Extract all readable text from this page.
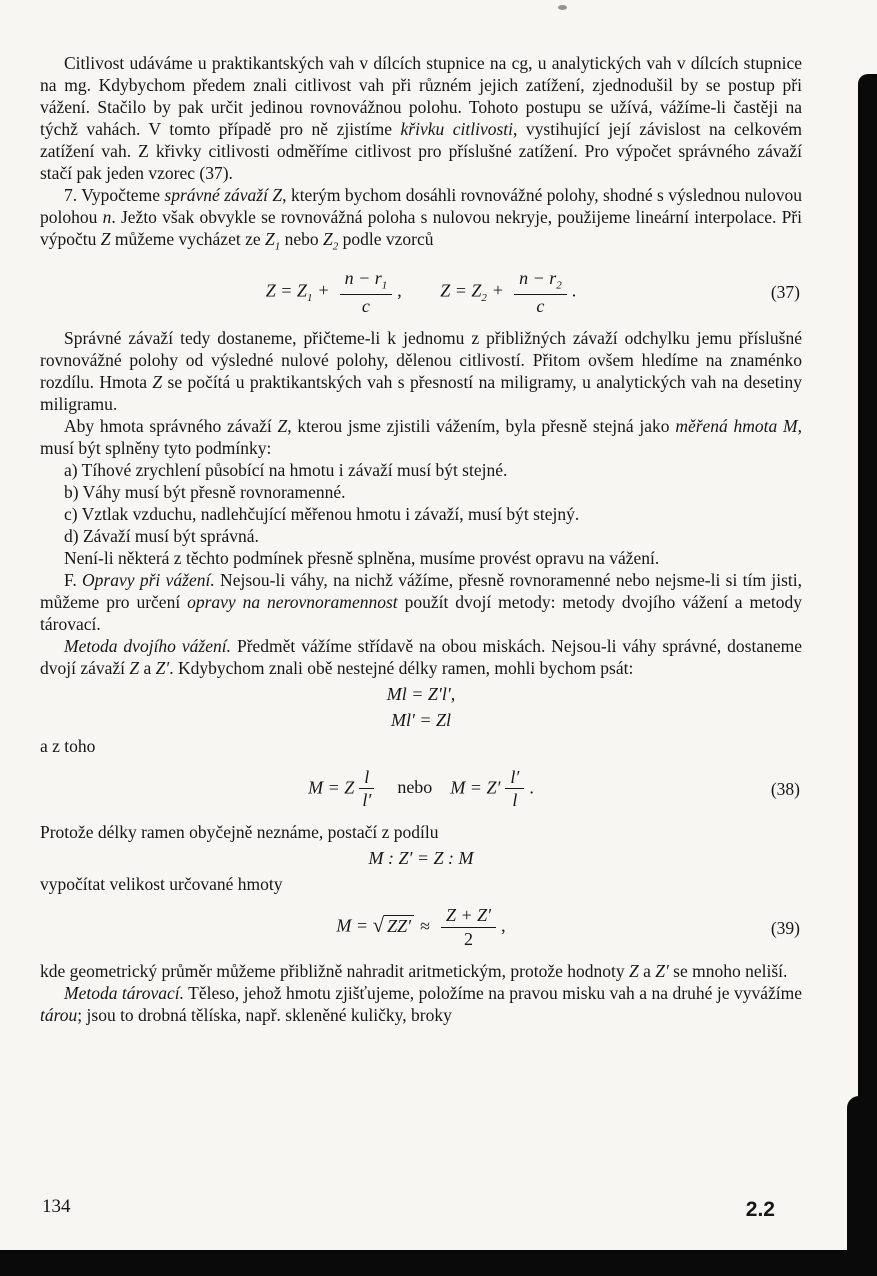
Citlivost udáváme u praktikantských vah v dílcích stupnice na cg, u analytických vah v dílcích stupnice na mg. Kdybychom předem znali citlivost vah při různém jejich zatížení, zjednodušil by se postup při vážení. Stačilo by pak určit jedinou rovnovážnou polohu. Tohoto postupu se užívá, vážíme-li častěji na týchž vahách. V tomto případě pro ně zjistíme křivku citlivosti, vystihující její závislost na celkovém zatížení vah. Z křivky citlivosti odměříme citlivost pro příslušné zatížení. Pro výpočet správného závaží stačí pak jeden vzorec (37).

7. Vypočteme správné závaží Z, kterým bychom dosáhli rovnovážné polohy, shodné s výslednou nulovou polohou n. Ježto však obvykle se rovnovážná poloha s nulovou nekryje, použijeme lineární interpolace. Při výpočtu Z můžeme vycházet ze $Z_1$ nebo $Z_2$ podle vzorců

$Z = Z_1 + \frac{n - r_1}{c}$ , $Z = Z_2 + \frac{n - r_2}{c}$ .	(37)

Správné závaží tedy dostaneme, přičteme-li k jednomu z přibližných závaží odchylku jemu příslušné rovnovážné polohy od výsledné nulové polohy, dělenou citlivostí. Přitom ovšem hledíme na znaménko rozdílu. Hmota Z se počítá u praktikantských vah s přesností na miligramy, u analytických vah na desetiny miligramu.

Aby hmota správného závaží Z, kterou jsme zjistili vážením, byla přesně stejná jako měřená hmota M, musí být splněny tyto podmínky:

a) Tíhové zrychlení působící na hmotu i závaží musí být stejné.

b) Váhy musí být přesně rovnoramenné.

c) Vztlak vzduchu, nadlehčující měřenou hmotu i závaží, musí být stejný.

d) Závaží musí být správná.

Není-li některá z těchto podmínek přesně splněna, musíme provést opravu na vážení.

F. Opravy při vážení. Nejsou-li váhy, na nichž vážíme, přesně rovnoramenné nebo nejsme-li si tím jisti, můžeme pro určení opravy na nerovnoramennost použít dvojí metody: metody dvojího vážení a metody tárovací.

Metoda dvojího vážení. Předmět vážíme střídavě na obou miskách. Nejsou-li váhy správné, dostaneme dvojí závaží Z a Z′. Kdybychom znali obě nestejné délky ramen, mohli bychom psát:

Ml = Z′l′,

Ml′ = Zl

a z toho

M = Z $\frac{l}{l'}$ nebo $M = Z' \frac{l'}{l}$ .	(38)

Protože délky ramen obyčejně neznáme, postačí z podílu

M : Z′ = Z : M

vypočítat velikost určované hmoty

M = √ $ZZ' \approx \frac{Z + Z'}{2}$ ,	(39)

kde geometrický průměr můžeme přibližně nahradit aritmetickým, protože hodnoty Z a Z′ se mnoho neliší.

Metoda tárovací. Těleso, jehož hmotu zjišťujeme, položíme na pravou misku vah a na druhé je vyvážíme tárou; jsou to drobná tělíska, např. skleněné kuličky, broky

134	2.2
